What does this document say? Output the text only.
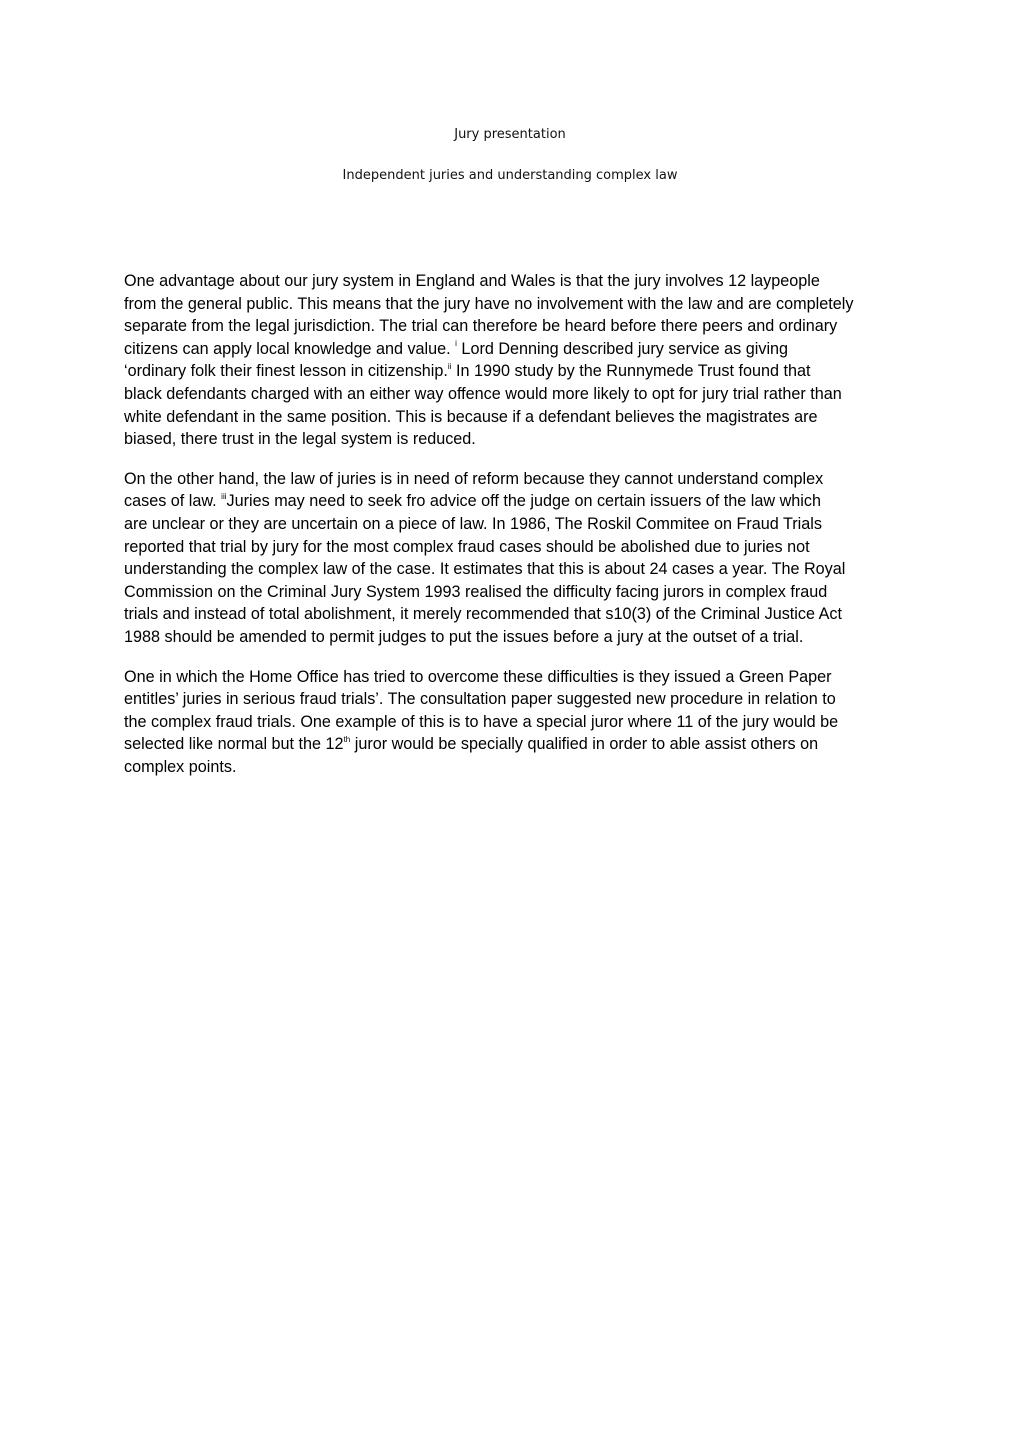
Jury presentation
Independent juries and understanding complex law

One advantage about our jury system in England and Wales is that the jury involves 12 laypeople
from the general public. This means that the jury have no involvement with the law and are completely
separate from the legal jurisdiction. The trial can therefore be heard before there peers and ordinary
citizens can apply local knowledge and value. $^i$ Lord Denning described jury service as giving
‘ordinary folk their finest lesson in citizenship.$^{ii}$ In 1990 study by the Runnymede Trust found that
black defendants charged with an either way offence would more likely to opt for jury trial rather than
white defendant in the same position. This is because if a defendant believes the magistrates are
biased, there trust in the legal system is reduced.

On the other hand, the law of juries is in need of reform because they cannot understand complex
cases of law. $^{iii}$Juries may need to seek fro advice off the judge on certain issuers of the law which
are unclear or they are uncertain on a piece of law. In 1986, The Roskil Commitee on Fraud Trials
reported that trial by jury for the most complex fraud cases should be abolished due to juries not
understanding the complex law of the case. It estimates that this is about 24 cases a year. The Royal
Commission on the Criminal Jury System 1993 realised the difficulty facing jurors in complex fraud
trials and instead of total abolishment, it merely recommended that s10(3) of the Criminal Justice Act
1988 should be amended to permit judges to put the issues before a jury at the outset of a trial.

One in which the Home Office has tried to overcome these difficulties is they issued a Green Paper
entitles’ juries in serious fraud trials’. The consultation paper suggested new procedure in relation to
the complex fraud trials. One example of this is to have a special juror where 11 of the jury would be
selected like normal but the 12th juror would be specially qualified in order to able assist others on
complex points.
